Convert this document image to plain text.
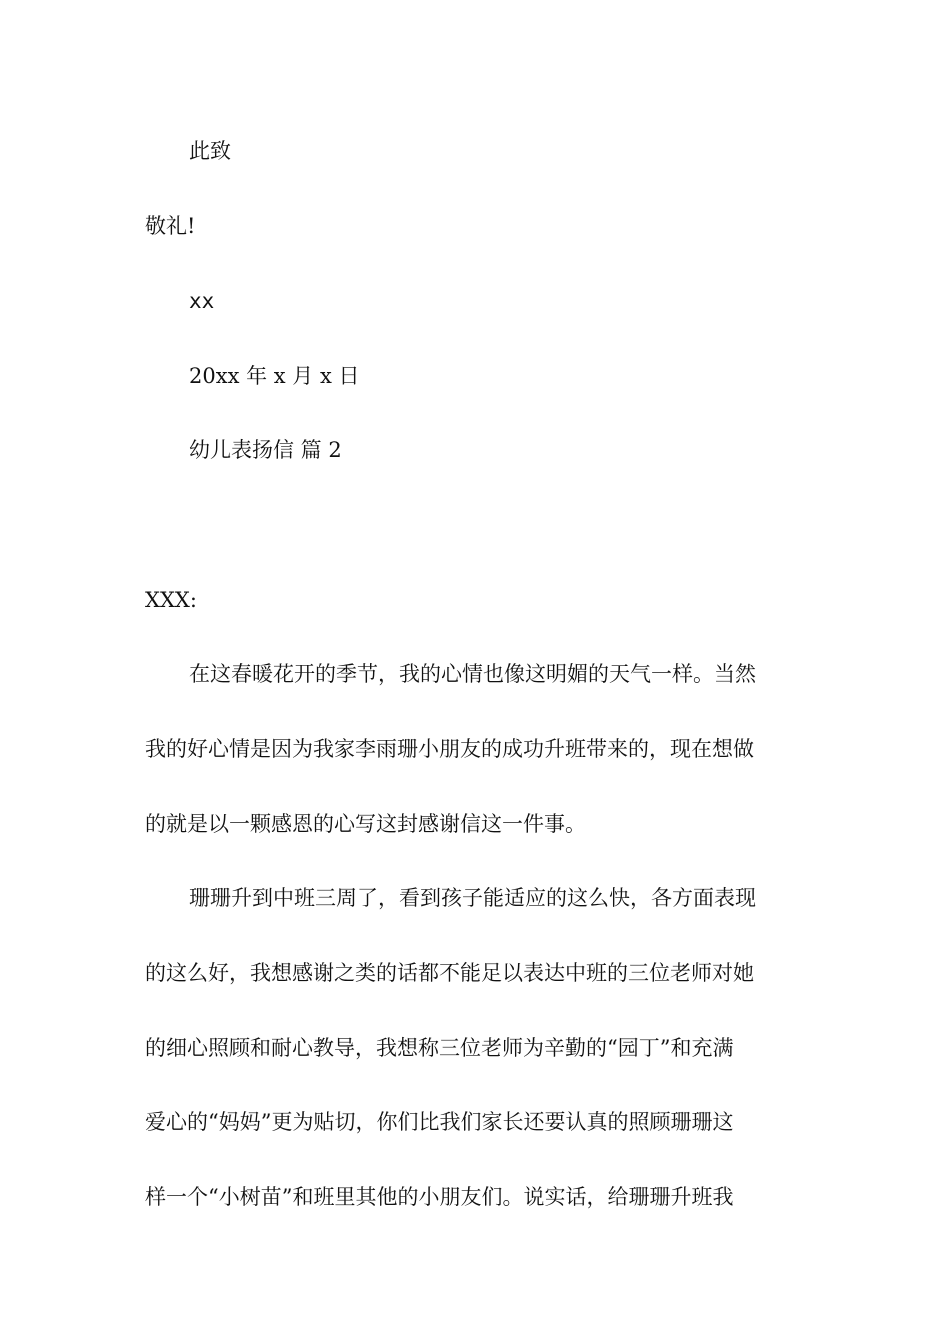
此致
敬礼!
xx
20xx 年 x 月 x 日
幼儿表扬信 篇 2
XXX:
在这春暖花开的季节，我的心情也像这明媚的天气一样。当然
我的好心情是因为我家李雨珊小朋友的成功升班带来的，现在想做
的就是以一颗感恩的心写这封感谢信这一件事。
珊珊升到中班三周了，看到孩子能适应的这么快，各方面表现
的这么好，我想感谢之类的话都不能足以表达中班的三位老师对她
的细心照顾和耐心教导，我想称三位老师为辛勤的“园丁”和充满
爱心的“妈妈”更为贴切，你们比我们家长还要认真的照顾珊珊这
样一个“小树苗”和班里其他的小朋友们。说实话，给珊珊升班我
